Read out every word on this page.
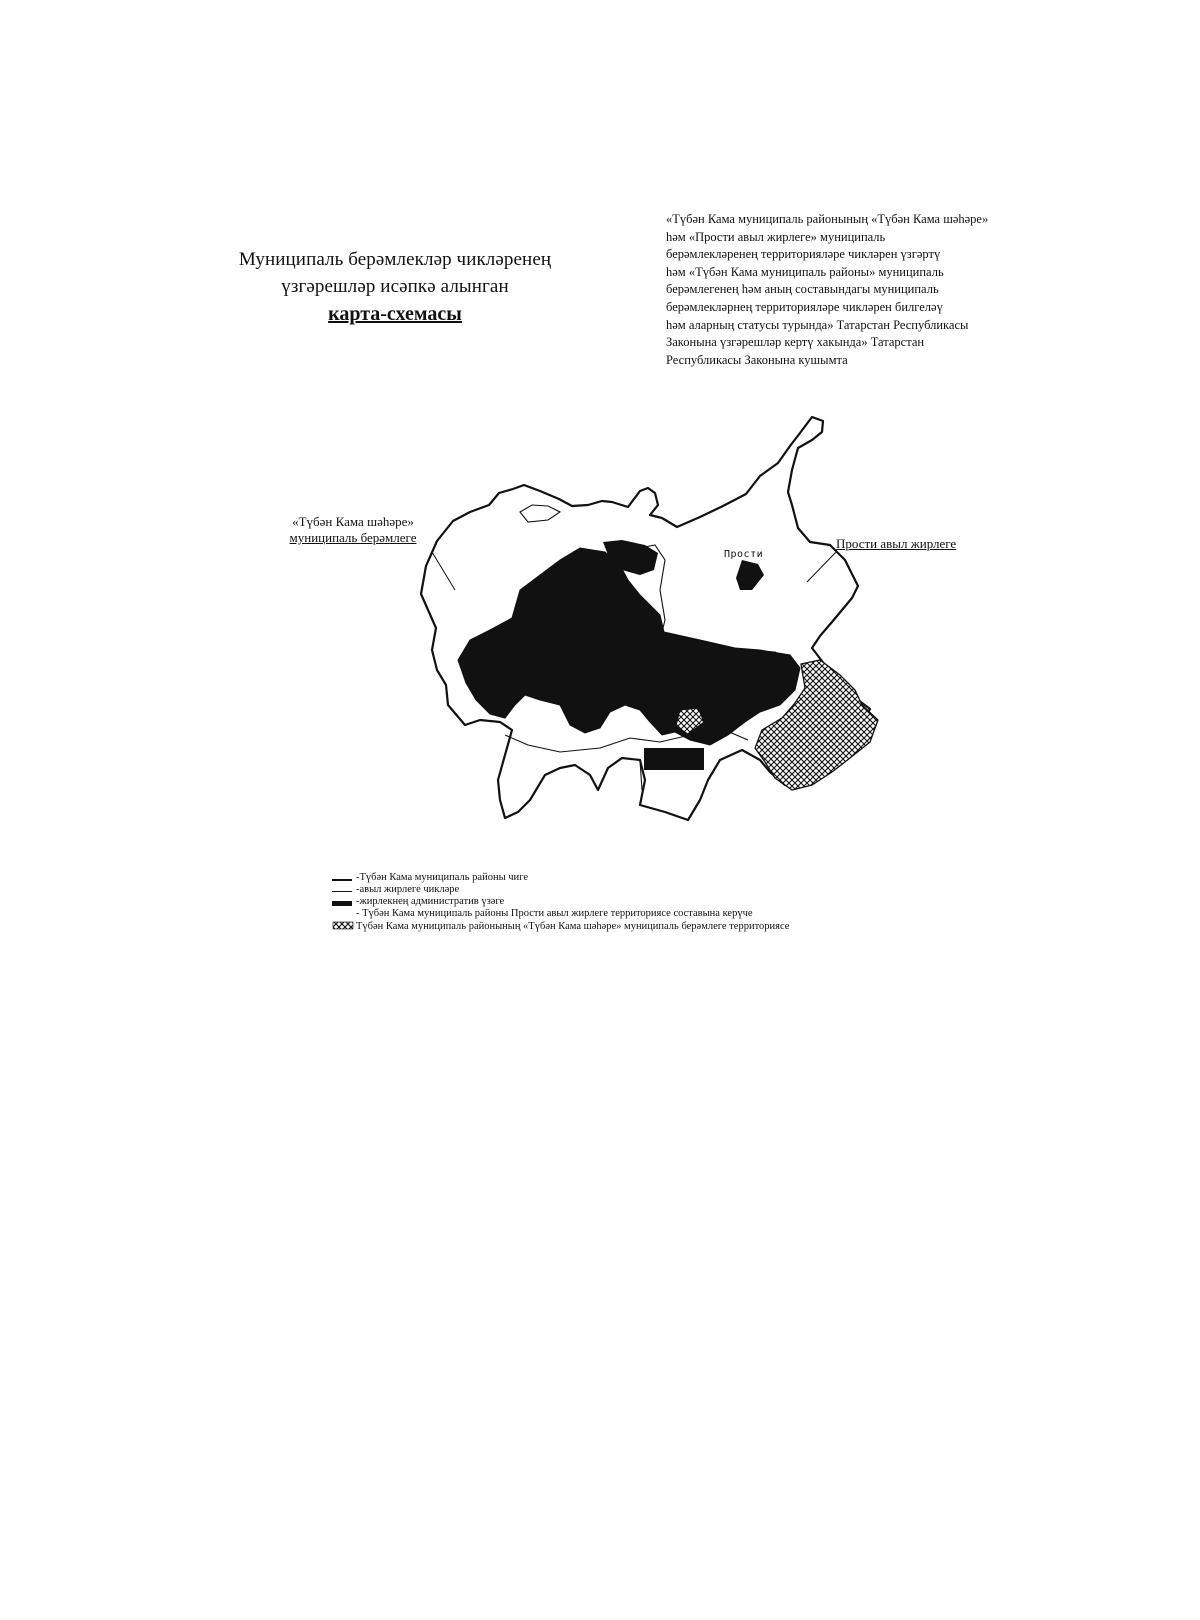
Муниципаль берәмлекләр чикләренең
үзгәрешләр исәпкә алынган
карта-схемасы
«Түбән Кама муниципаль районының «Түбән Кама шәһәре»
һәм «Прости авыл жирлеге» муниципаль
берәмлекләренең территорияләре чикләрен үзгәртү
һәм «Түбән Кама муниципаль районы» муниципаль
берәмлегенең һәм аның составындагы муниципаль
берәмлекләрнең территорияләре чикләрен билгеләү
һәм аларның статусы турында» Татарстан Республикасы
Законына үзгәрешләр кертү хакында» Татарстан
Республикасы Законына кушымта
«Түбән Кама шәһәре»
муниципаль берәмлеге	Прости авыл жирлеге
Прости
-Түбән Кама муниципаль районы чиге
-авыл жирлеге чикләре
-жирлекнең административ үзәге
- Түбән Кама муниципаль районы Прости авыл жирлеге территориясе составына керүче
Түбән Кама муниципаль районының «Түбән Кама шәһәре» муниципаль берәмлеге территориясе
